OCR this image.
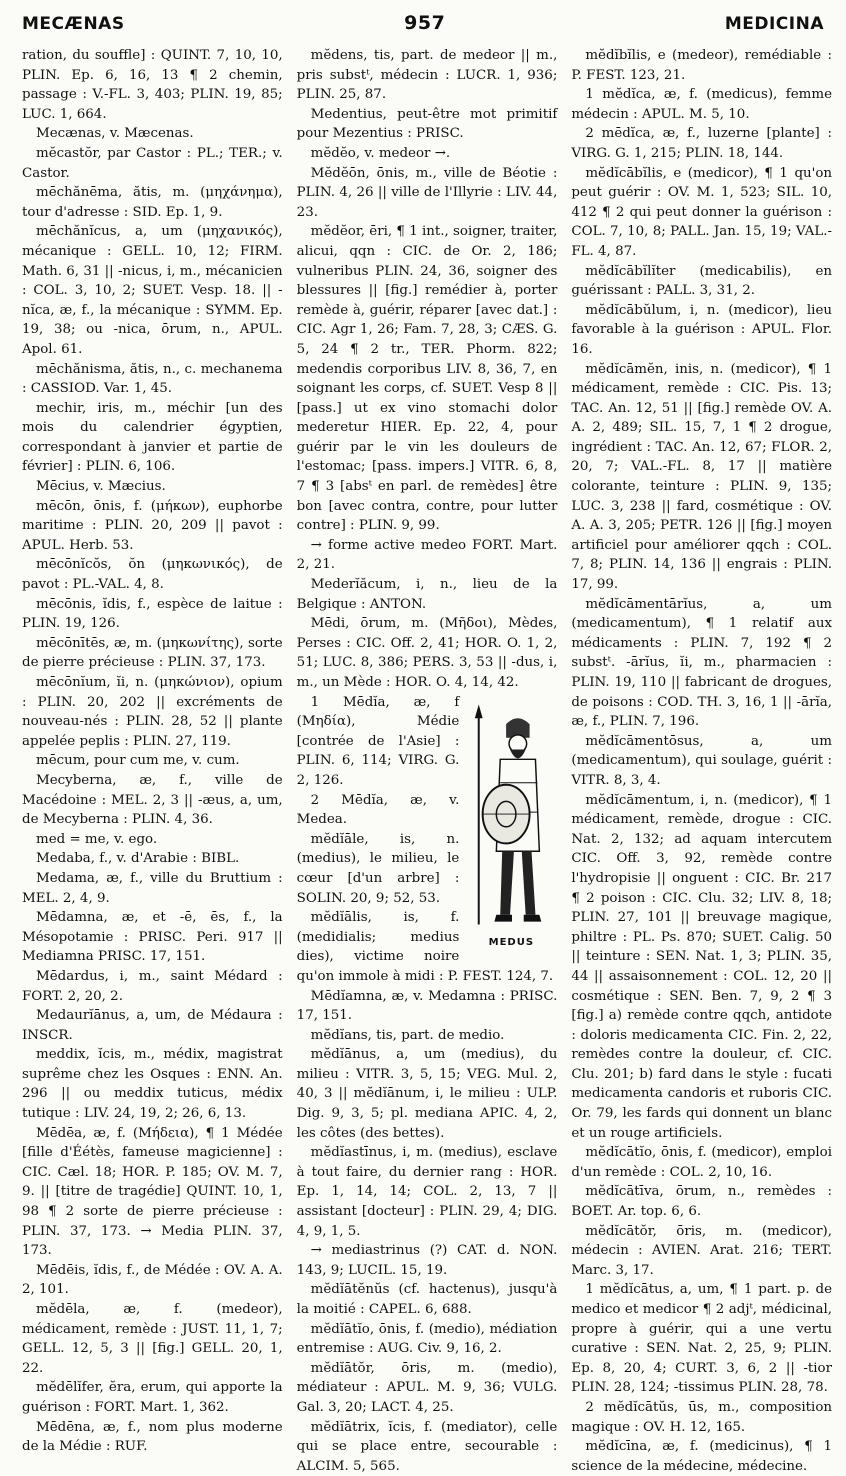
MECÆNAS	957	MEDICINA

ration, du souffle] : QUINT. 7, 10, 10, PLIN. Ep. 6, 16, 13 ¶ 2 chemin, passage : V.-FL. 3, 403; PLIN. 19, 85; LUC. 1, 664.

Mecænas, v. Mæcenas.

mĕcastŏr, par Castor : PL.; TER.; v. Castor.

mēchănēma, ătis, m. (μηχάνημα), tour d'adresse : SID. Ep. 1, 9.

mēchănĭcus, a, um (μηχανικός), mécanique : GELL. 10, 12; FIRM. Math. 6, 31 || -nicus, i, m., mécanicien : COL. 3, 10, 2; SUET. Vesp. 18. || -nĭca, æ, f., la mécanique : SYMM. Ep. 19, 38; ou -nica, ōrum, n., APUL. Apol. 61.

mēchănisma, ătis, n., c. mechanema : CASSIOD. Var. 1, 45.

mechir, iris, m., méchir [un des mois du calendrier égyptien, correspondant à janvier et partie de février] : PLIN. 6, 106.

Mēcius, v. Mæcius.

mēcōn, ōnis, f. (μήκων), euphorbe maritime : PLIN. 20, 209 || pavot : APUL. Herb. 53.

mēcōnĭcŏs, ŏn (μηκωνικός), de pavot : PL.-VAL. 4, 8.

mēcōnis, ĭdis, f., espèce de laitue : PLIN. 19, 126.

mēcōnītēs, æ, m. (μηκωνίτης), sorte de pierre précieuse : PLIN. 37, 173.

mēcōnĭum, ĭi, n. (μηκώνιον), opium : PLIN. 20, 202 || excréments de nouveau-nés : PLIN. 28, 52 || plante appelée peplis : PLIN. 27, 119.

mēcum, pour cum me, v. cum.

Mecyberna, æ, f., ville de Macédoine : MEL. 2, 3 || -æus, a, um, de Mecyberna : PLIN. 4, 36.

med = me, v. ego.

Medaba, f., v. d'Arabie : BIBL.

Medama, æ, f., ville du Bruttium : MEL. 2, 4, 9.

Mēdamna, æ, et -ē, ēs, f., la Mésopotamie : PRISC. Peri. 917 || Mediamna PRISC. 17, 151.

Mēdardus, i, m., saint Médard : FORT. 2, 20, 2.

Medaurĭānus, a, um, de Médaura : INSCR.

meddix, ĭcis, m., médix, magistrat suprême chez les Osques : ENN. An. 296 || ou meddix tuticus, médix tutique : LIV. 24, 19, 2; 26, 6, 13.

Mēdēa, æ, f. (Μήδεια), ¶ 1 Médée [fille d'Éétès, fameuse magicienne] : CIC. Cæl. 18; HOR. P. 185; OV. M. 7, 9. || [titre de tragédie] QUINT. 10, 1, 98 ¶ 2 sorte de pierre précieuse : PLIN. 37, 173. → Media PLIN. 37, 173.

Mēdēis, ĭdis, f., de Médée : OV. A. A. 2, 101.

mĕdēla, æ, f. (medeor), médicament, remède : JUST. 11, 1, 7; GELL. 12, 5, 3 || [fig.] GELL. 20, 1, 22.

mĕdēlĭfer, ĕra, erum, qui apporte la guérison : FORT. Mart. 1, 362.

Mēdēna, æ, f., nom plus moderne de la Médie : RUF.

mĕdens, tis, part. de medeor || m., pris substᵗ, médecin : LUCR. 1, 936; PLIN. 25, 87.

Medentius, peut-être mot primitif pour Mezentius : PRISC.

mĕdĕo, v. medeor →.

Mĕdĕōn, ōnis, m., ville de Béotie : PLIN. 4, 26 || ville de l'Illyrie : LIV. 44, 23.

mĕdĕor, ēri, ¶ 1 int., soigner, traiter, alicui, qqn : CIC. de Or. 2, 186; vulneribus PLIN. 24, 36, soigner des blessures || [fig.] remédier à, porter remède à, guérir, réparer [avec dat.] : CIC. Agr 1, 26; Fam. 7, 28, 3; CÆS. G. 5, 24 ¶ 2 tr., TER. Phorm. 822; medendis corporibus LIV. 8, 36, 7, en soignant les corps, cf. SUET. Vesp 8 || [pass.] ut ex vino stomachi dolor mederetur HIER. Ep. 22, 4, pour guérir par le vin les douleurs de l'estomac; [pass. impers.] VITR. 6, 8, 7 ¶ 3 [absᵗ en parl. de remèdes] être bon [avec contra, contre, pour lutter contre] : PLIN. 9, 99.

→ forme active medeo FORT. Mart. 2, 21.

Mederĭăcum, i, n., lieu de la Belgique : ANTON.

Mēdi, ōrum, m. (Μῆδοι), Mèdes, Perses : CIC. Off. 2, 41; HOR. O. 1, 2, 51; LUC. 8, 386; PERS. 3, 53 || -dus, i, m., un Mède : HOR. O. 4, 14, 42.

MEDUS

1 Mēdĭa, æ, f (Μηδία), Médie [contrée de l'Asie] : PLIN. 6, 114; VIRG. G. 2, 126.

2 Mēdĭa, æ, v. Medea.

mĕdĭāle, is, n. (medius), le milieu, le cœur [d'un arbre] : SOLIN. 20, 9; 52, 53.

mĕdĭālis, is, f. (medidialis; medius dies), victime noire qu'on immole à midi : P. FEST. 124, 7.

Mēdĭamna, æ, v. Medamna : PRISC. 17, 151.

mĕdĭans, tis, part. de medio.

mĕdĭānus, a, um (medius), du milieu : VITR. 3, 5, 15; VEG. Mul. 2, 40, 3 || mĕdĭānum, i, le milieu : ULP. Dig. 9, 3, 5; pl. mediana APIC. 4, 2, les côtes (des bettes).

mĕdĭastīnus, i, m. (medius), esclave à tout faire, du dernier rang : HOR. Ep. 1, 14, 14; COL. 2, 13, 7 || assistant [docteur] : PLIN. 29, 4; DIG. 4, 9, 1, 5.

→ mediastrinus (?) CAT. d. NON. 143, 9; LUCIL. 15, 19.

mĕdĭātĕnŭs (cf. hactenus), jusqu'à la moitié : CAPEL. 6, 688.

mĕdĭātĭo, ōnis, f. (medio), médiation entremise : AUG. Civ. 9, 16, 2.

mĕdĭātŏr, ōris, m. (medio), médiateur : APUL. M. 9, 36; VULG. Gal. 3, 20; LACT. 4, 25.

mĕdĭātrix, ĭcis, f. (mediator), celle qui se place entre, secourable : ALCIM. 5, 565.

mĕdĭbĭlis, e (medeor), remédiable : P. FEST. 123, 21.

1 mĕdĭca, æ, f. (medicus), femme médecin : APUL. M. 5, 10.

2 mēdĭca, æ, f., luzerne [plante] : VIRG. G. 1, 215; PLIN. 18, 144.

mĕdĭcābĭlis, e (medicor), ¶ 1 qu'on peut guérir : OV. M. 1, 523; SIL. 10, 412 ¶ 2 qui peut donner la guérison : COL. 7, 10, 8; PALL. Jan. 15, 19; VAL.-FL. 4, 87.

mĕdĭcābĭlĭter (medicabilis), en guérissant : PALL. 3, 31, 2.

mĕdĭcābŭlum, i, n. (medicor), lieu favorable à la guérison : APUL. Flor. 16.

mĕdĭcāmĕn, inis, n. (medicor), ¶ 1 médicament, remède : CIC. Pis. 13; TAC. An. 12, 51 || [fig.] remède OV. A. A. 2, 489; SIL. 15, 7, 1 ¶ 2 drogue, ingrédient : TAC. An. 12, 67; FLOR. 2, 20, 7; VAL.-FL. 8, 17 || matière colorante, teinture : PLIN. 9, 135; LUC. 3, 238 || fard, cosmétique : OV. A. A. 3, 205; PETR. 126 || [fig.] moyen artificiel pour améliorer qqch : COL. 7, 8; PLIN. 14, 136 || engrais : PLIN. 17, 99.

mĕdĭcāmentārĭus, a, um (medicamentum), ¶ 1 relatif aux médicaments : PLIN. 7, 192 ¶ 2 substᵗ. -ārĭus, ĭi, m., pharmacien : PLIN. 19, 110 || fabricant de drogues, de poisons : COD. TH. 3, 16, 1 || -ārĭa, æ, f., PLIN. 7, 196.

mĕdĭcāmentōsus, a, um (medicamentum), qui soulage, guérit : VITR. 8, 3, 4.

mĕdĭcāmentum, i, n. (medicor), ¶ 1 médicament, remède, drogue : CIC. Nat. 2, 132; ad aquam intercutem CIC. Off. 3, 92, remède contre l'hydropisie || onguent : CIC. Br. 217 ¶ 2 poison : CIC. Clu. 32; LIV. 8, 18; PLIN. 27, 101 || breuvage magique, philtre : PL. Ps. 870; SUET. Calig. 50 || teinture : SEN. Nat. 1, 3; PLIN. 35, 44 || assaisonnement : COL. 12, 20 || cosmétique : SEN. Ben. 7, 9, 2 ¶ 3 [fig.] a) remède contre qqch, antidote : doloris medicamenta CIC. Fin. 2, 22, remèdes contre la douleur, cf. CIC. Clu. 201; b) fard dans le style : fucati medicamenta candoris et ruboris CIC. Or. 79, les fards qui donnent un blanc et un rouge artificiels.

mĕdĭcātĭo, ōnis, f. (medicor), emploi d'un remède : COL. 2, 10, 16.

mĕdĭcātīva, ōrum, n., remèdes : BOET. Ar. top. 6, 6.

mĕdĭcātŏr, ōris, m. (medicor), médecin : AVIEN. Arat. 216; TERT. Marc. 3, 17.

1 mĕdĭcātus, a, um, ¶ 1 part. p. de medico et medicor ¶ 2 adjᵗ, médicinal, propre à guérir, qui a une vertu curative : SEN. Nat. 2, 25, 9; PLIN. Ep. 8, 20, 4; CURT. 3, 6, 2 || -tior PLIN. 28, 124; -tissimus PLIN. 28, 78.

2 mĕdĭcātŭs, ūs, m., composition magique : OV. H. 12, 165.

mĕdĭcīna, æ, f. (medicinus), ¶ 1 science de la médecine, médecine.
